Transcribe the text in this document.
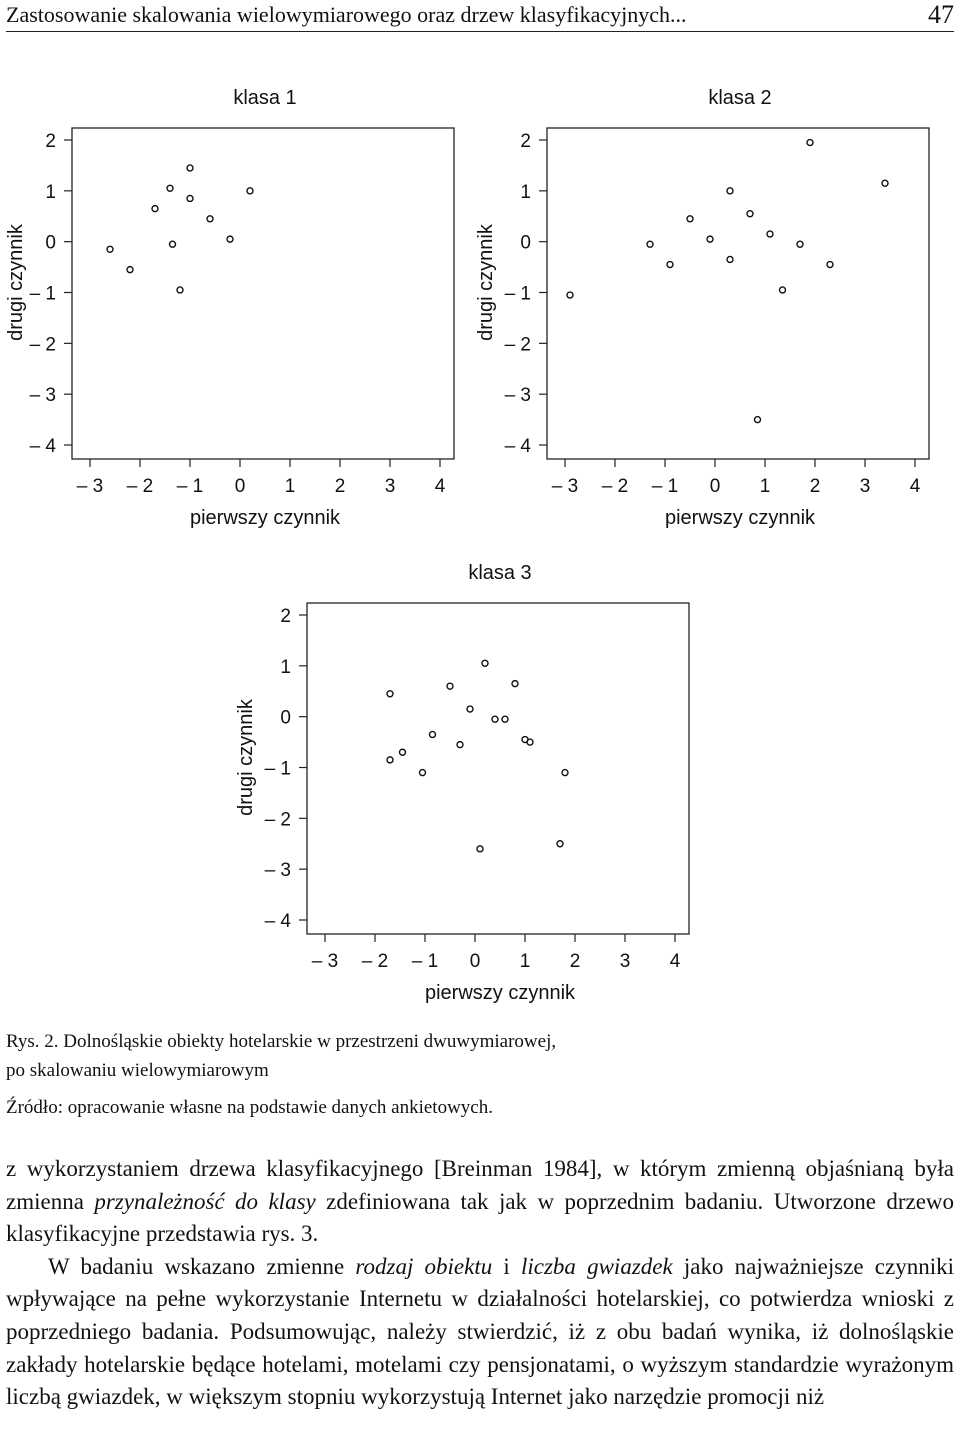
Zastosowanie skalowania wielowymiarowego oraz drzew klasyfikacyjnych...	47
2
1
0
– 1
– 2
– 3
– 4
– 3 – 2 – 1 0 1 2 3 4
klasa 1
pierwszy czynnik
drugi czynnik
2
1
0
– 1
– 2
– 3
– 4
– 3 – 2 – 1 0 1 2 3 4
klasa 2
pierwszy czynnik
drugi czynnik
2
1
0
– 1
– 2
– 3
– 4
– 3 – 2 – 1 0 1 2 3 4
klasa 3
pierwszy czynnik
drugi czynnik
Rys. 2. Dolnośląskie obiekty hotelarskie w przestrzeni dwuwymiarowej,
po skalowaniu wielowymiarowym
Źródło: opracowanie własne na podstawie danych ankietowych.

z wykorzystaniem drzewa klasyfikacyjnego [Breinman 1984], w którym zmienną objaśnianą była zmienna przynależność do klasy zdefiniowana tak jak w poprzednim badaniu. Utworzone drzewo klasyfikacyjne przedstawia rys. 3.

W badaniu wskazano zmienne rodzaj obiektu i liczba gwiazdek jako najważniejsze czynniki wpływające na pełne wykorzystanie Internetu w działalności hotelarskiej, co potwierdza wnioski z poprzedniego badania. Podsumowując, należy stwierdzić, iż z obu badań wynika, iż dolnośląskie zakłady hotelarskie będące hotelami, motelami czy pensjonatami, o wyższym standardzie wyrażonym liczbą gwiazdek, w większym stopniu wykorzystują Internet jako narzędzie promocji niż
